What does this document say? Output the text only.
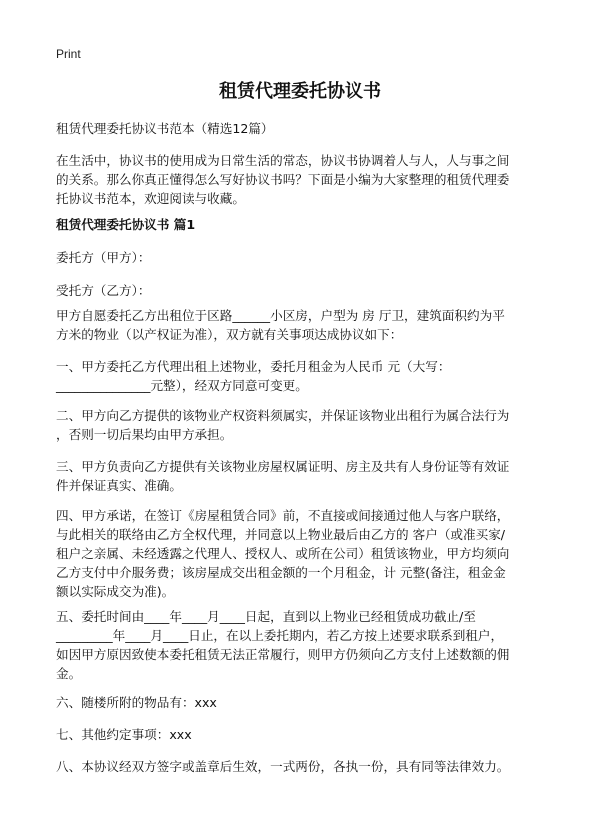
Print
租赁代理委托协议书
租赁代理委托协议书范本（精选12篇）
在生活中，协议书的使用成为日常生活的常态，协议书协调着人与人，人与事之间
的关系。那么你真正懂得怎么写好协议书吗？下面是小编为大家整理的租赁代理委
托协议书范本，欢迎阅读与收藏。
租赁代理委托协议书 篇1
委托方（甲方）：
受托方（乙方）：
甲方自愿委托乙方出租位于区路______小区房，户型为 房 厅卫，建筑面积约为平
方米的物业（以产权证为准），双方就有关事项达成协议如下：
一、甲方委托乙方代理出租上述物业，委托月租金为人民币 元（大写：
_______________元整），经双方同意可变更。
二、甲方向乙方提供的该物业产权资料须属实，并保证该物业出租行为属合法行为
，否则一切后果均由甲方承担。
三、甲方负责向乙方提供有关该物业房屋权属证明、房主及共有人身份证等有效证
件并保证真实、准确。
四、甲方承诺，在签订《房屋租赁合同》前，不直接或间接通过他人与客户联络，
与此相关的联络由乙方全权代理，并同意以上物业最后由乙方的 客户（或准买家/
租户之亲属、未经透露之代理人、授权人、或所在公司）租赁该物业，甲方均须向
乙方支付中介服务费；该房屋成交出租金额的一个月租金，计 元整(备注，租金金
额以实际成交为准)。
五、委托时间由____年____月____日起，直到以上物业已经租赁成功截止/至
_________年____月____日止，在以上委托期内，若乙方按上述要求联系到租户，
如因甲方原因致使本委托租赁无法正常履行，则甲方仍须向乙方支付上述数额的佣
金。
六、随楼所附的物品有：xxx
七、其他约定事项：xxx
八、本协议经双方签字或盖章后生效，一式两份，各执一份，具有同等法律效力。
